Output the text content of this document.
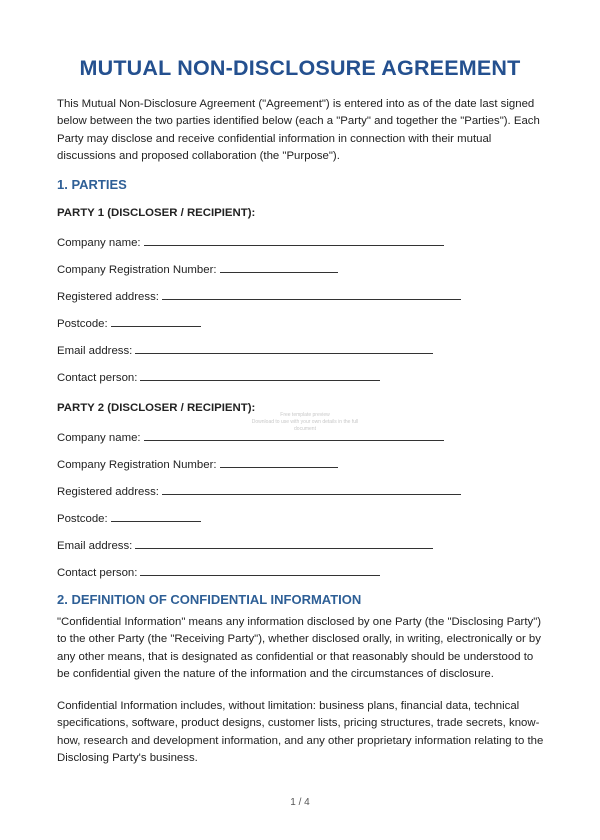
MUTUAL NON-DISCLOSURE AGREEMENT

This Mutual Non-Disclosure Agreement ("Agreement") is entered into as of the date last signed below between the two parties identified below (each a "Party" and together the "Parties"). Each Party may disclose and receive confidential information in connection with their mutual discussions and proposed collaboration (the "Purpose").

1. PARTIES
PARTY 1 (DISCLOSER / RECIPIENT):
Company name:
Company Registration Number:
Registered address:
Postcode:
Email address:
Contact person:
PARTY 2 (DISCLOSER / RECIPIENT):
Company name:
Company Registration Number:
Registered address:
Postcode:
Email address:
Contact person:
2. DEFINITION OF CONFIDENTIAL INFORMATION

"Confidential Information" means any information disclosed by one Party (the "Disclosing Party") to the other Party (the "Receiving Party"), whether disclosed orally, in writing, electronically or by any other means, that is designated as confidential or that reasonably should be understood to be confidential given the nature of the information and the circumstances of disclosure.

Confidential Information includes, without limitation: business plans, financial data, technical specifications, software, product designs, customer lists, pricing structures, trade secrets, know-how, research and development information, and any other proprietary information relating to the Disclosing Party's business.

Free template preview
Download to use with your own details in the full document
1 / 4
